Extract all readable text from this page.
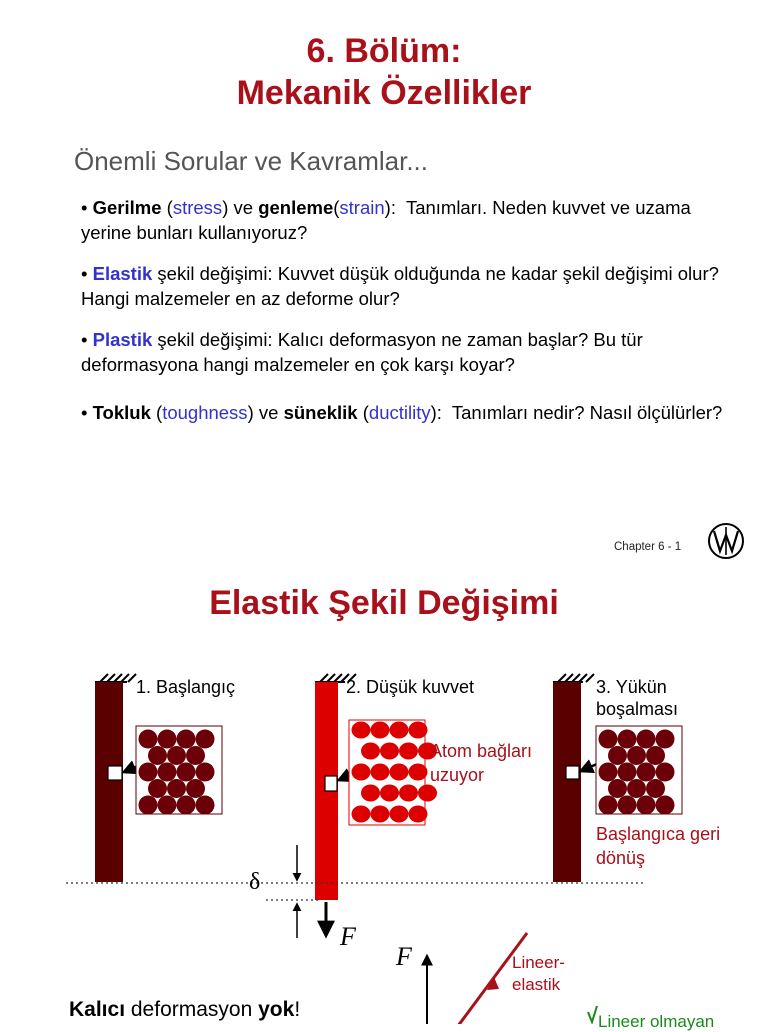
6. Bölüm:
Mekanik Özellikler
Önemli Sorular ve Kavramlar...
• Gerilme (stress) ve genleme(strain): Tanımları. Neden kuvvet ve uzama yerine bunları kullanıyoruz?
• Elastik şekil değişimi: Kuvvet düşük olduğunda ne kadar şekil değişimi olur? Hangi malzemeler en az deforme olur?
• Plastik şekil değişimi: Kalıcı deformasyon ne zaman başlar? Bu tür deformasyona hangi malzemeler en çok karşı koyar?
• Tokluk (toughness) ve süneklik (ductility): Tanımları nedir? Nasıl ölçülürler?
Chapter 6 - 1
Elastik Şekil Değişimi
1. Başlangıç	2. Düşük kuvvet	3. Yükün
boşalması
Atom bağları
uzuyor
Başlangıca geri
dönüş
δ
F
F	Lineer-
elastik
Lineer olmayan
Kalıcı deformasyon yok!
